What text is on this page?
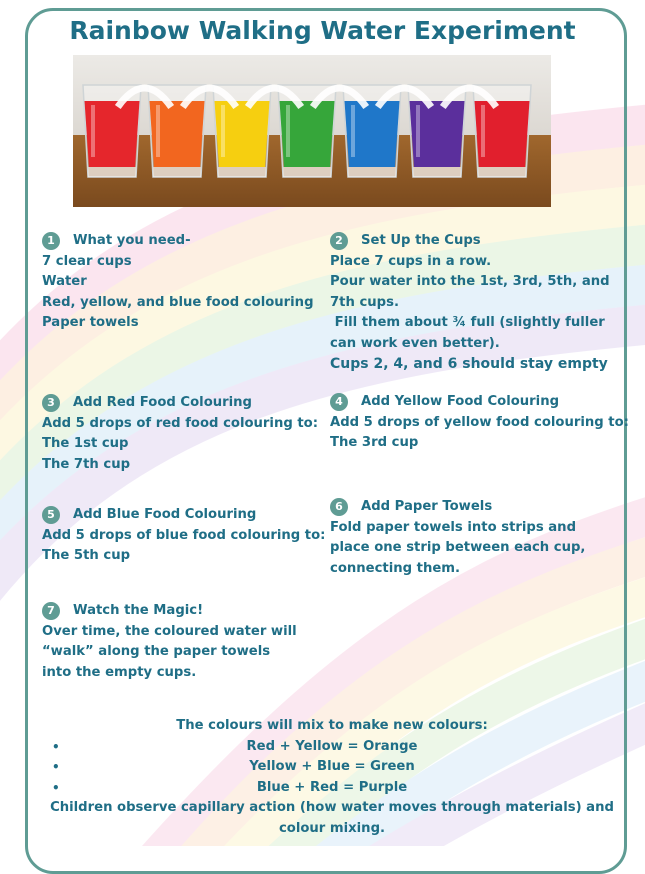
Rainbow Walking Water Experiment
1	What you need-
7 clear cups
Water
Red, yellow, and blue food colouring
Paper towels
2	Set Up the Cups
Place 7 cups in a row.
Pour water into the 1st, 3rd, 5th, and 7th cups.
Fill them about ¾ full (slightly fuller can work even better).
Cups 2, 4, and 6 should stay empty
3	Add Red Food Colouring
Add 5 drops of red food colouring to:
The 1st cup
The 7th cup
4	Add Yellow Food Colouring
Add 5 drops of yellow food colouring to:
The 3rd cup
5	Add Blue Food Colouring
Add 5 drops of blue food colouring to:
The 5th cup
6	Add Paper Towels
Fold paper towels into strips and place one strip between each cup, connecting them.
7	Watch the Magic!
Over time, the coloured water will “walk” along the paper towels into the empty cups.
The colours will mix to make new colours:
•	Red + Yellow = Orange
•	Yellow + Blue = Green
•	Blue + Red = Purple
Children observe capillary action (how water moves through materials) and colour mixing.
